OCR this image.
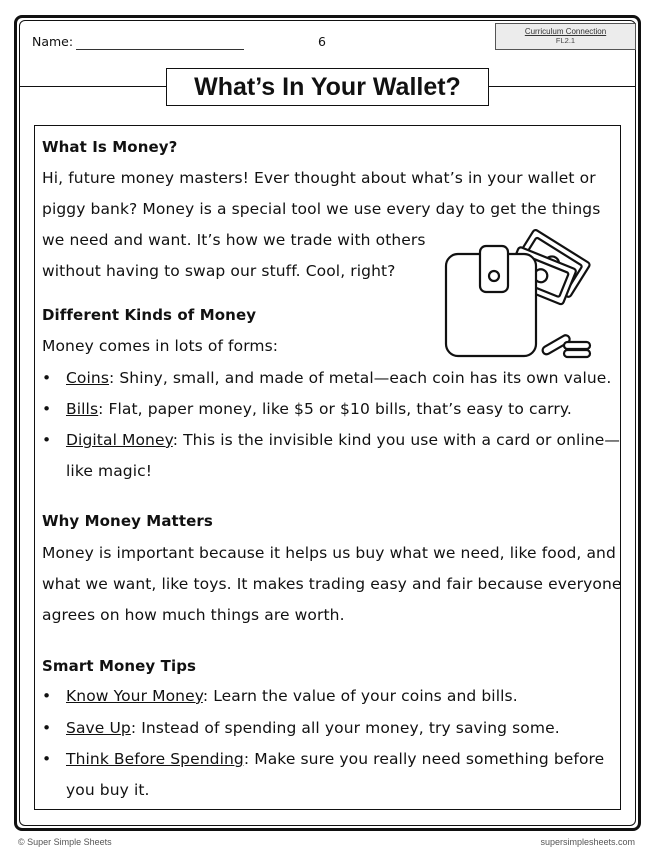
Name:	6
Curriculum Connection
FL2.1
What’s In Your Wallet?
What Is Money?
Hi, future money masters! Ever thought about what’s in your wallet or
piggy bank? Money is a special tool we use every day to get the things
we need and want. It’s how we trade with others
without having to swap our stuff. Cool, right?
Different Kinds of Money
Money comes in lots of forms:
• Coins: Shiny, small, and made of metal—each coin has its own value.
• Bills: Flat, paper money, like $5 or $10 bills, that’s easy to carry.
• Digital Money: This is the invisible kind you use with a card or online—
like magic!
Why Money Matters
Money is important because it helps us buy what we need, like food, and
what we want, like toys. It makes trading easy and fair because everyone
agrees on how much things are worth.
Smart Money Tips
• Know Your Money: Learn the value of your coins and bills.
• Save Up: Instead of spending all your money, try saving some.
• Think Before Spending: Make sure you really need something before
you buy it.
© Super Simple Sheets	supersimplesheets.com
